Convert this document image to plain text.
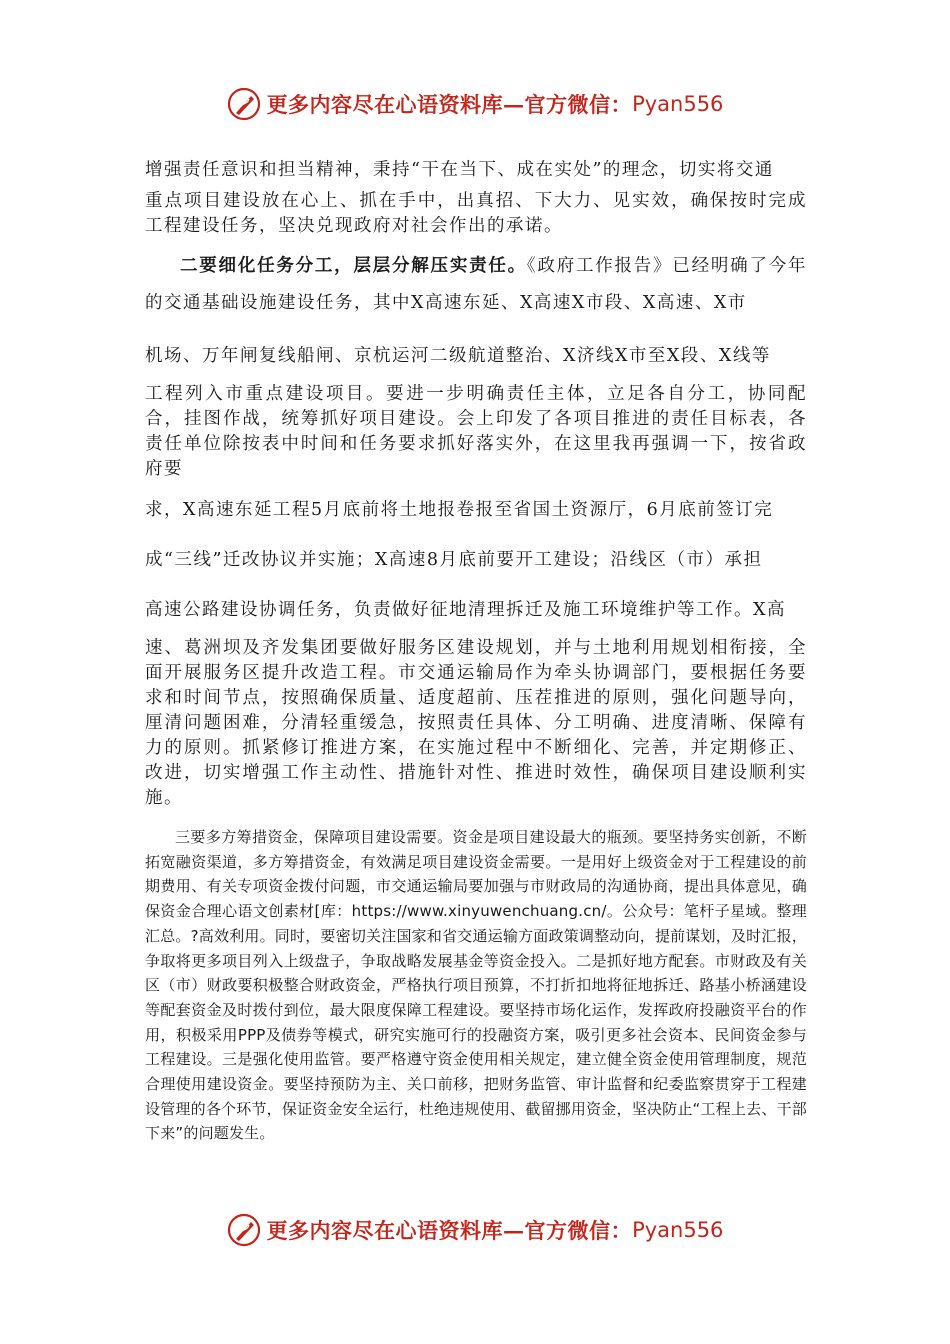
更多内容尽在心语资料库—官方微信： Pyan556
增强责任意识和担当精神，秉持“干在当下、成在实处”的理念，切实将交通
重点项目建设放在心上、抓在手中，出真招、下大力、见实效，确保按时完成工程建设任务，坚决兑现政府对社会作出的承诺。
二要细化任务分工，层层分解压实责任。《政府工作报告》已经明确了今年的交通基础设施建设任务，其中X高速东延、X高速X市段、X高速、X市
机场、万年闸复线船闸、京杭运河二级航道整治、X济线X市至X段、X线等
工程列入市重点建设项目。要进一步明确责任主体，立足各自分工，协同配合，挂图作战，统筹抓好项目建设。会上印发了各项目推进的责任目标表，各责任单位除按表中时间和任务要求抓好落实外，在这里我再强调一下，按省政府要
求，X高速东延工程5月底前将土地报卷报至省国土资源厅，6月底前签订完
成“三线”迁改协议并实施；X高速8月底前要开工建设；沿线区（市）承担
高速公路建设协调任务，负责做好征地清理拆迁及施工环境维护等工作。X高
速、葛洲坝及齐发集团要做好服务区建设规划，并与土地利用规划相衔接，全面开展服务区提升改造工程。市交通运输局作为牵头协调部门，要根据任务要求和时间节点，按照确保质量、适度超前、压茬推进的原则，强化问题导向，厘清问题困难，分清轻重缓急，按照责任具体、分工明确、进度清晰、保障有力的原则。抓紧修订推进方案，在实施过程中不断细化、完善，并定期修正、改进，切实增强工作主动性、措施针对性、推进时效性，确保项目建设顺利实施。
三要多方筹措资金，保障项目建设需要。资金是项目建设最大的瓶颈。要坚持务实创新，不断拓宽融资渠道，多方筹措资金，有效满足项目建设资金需要。一是用好上级资金对于工程建设的前期费用、有关专项资金拨付问题，市交通运输局要加强与市财政局的沟通协商，提出具体意见，确保资金合理心语文创素材[库：https://www.xinyuwenchuang.cn/。公众号：笔杆子星域。整理汇总。?高效利用。同时，要密切关注国家和省交通运输方面政策调整动向，提前谋划，及时汇报，争取将更多项目列入上级盘子，争取战略发展基金等资金投入。二是抓好地方配套。市财政及有关区（市）财政要积极整合财政资金，严格执行项目预算，不打折扣地将征地拆迁、路基小桥涵建设等配套资金及时拨付到位，最大限度保障工程建设。要坚持市场化运作，发挥政府投融资平台的作用，积极采用PPP及债券等模式，研究实施可行的投融资方案，吸引更多社会资本、民间资金参与工程建设。三是强化使用监管。要严格遵守资金使用相关规定，建立健全资金使用管理制度，规范合理使用建设资金。要坚持预防为主、关口前移，把财务监管、审计监督和纪委监察贯穿于工程建设管理的各个环节，保证资金安全运行，杜绝违规使用、截留挪用资金，坚决防止“工程上去、干部下来”的问题发生。
更多内容尽在心语资料库—官方微信： Pyan556
